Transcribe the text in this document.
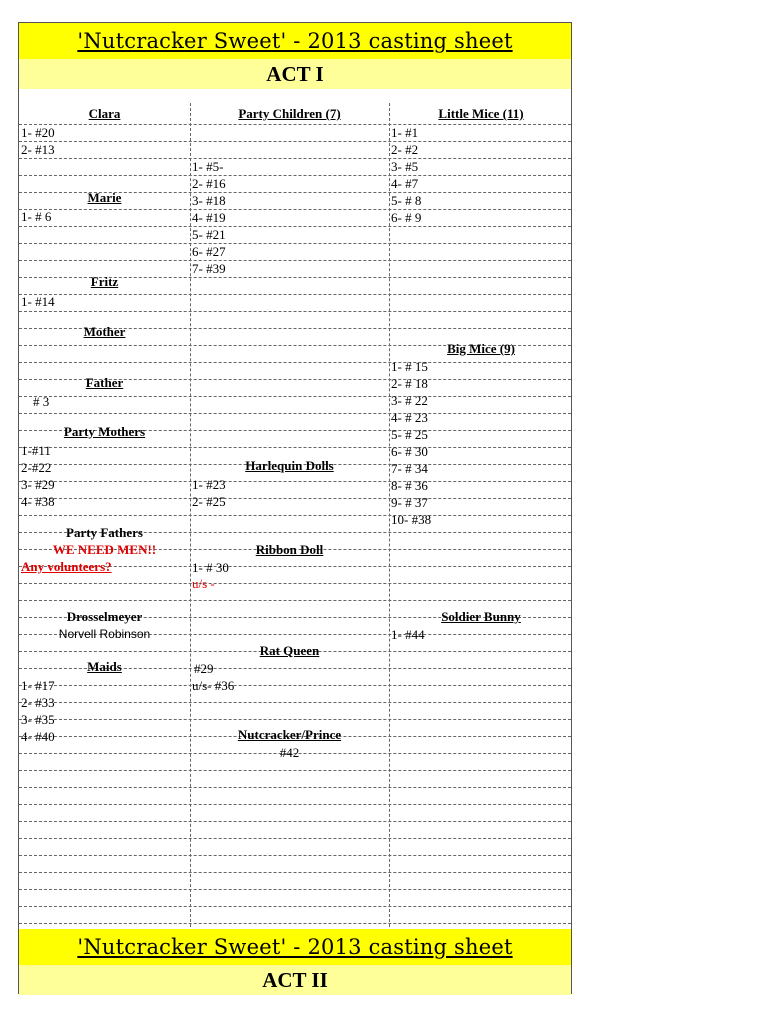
'Nutcracker Sweet' - 2013 casting sheet
ACT I
Clara
1- #20
2- #13
Marie
1- # 6
Fritz
1- #14
Mother
Father
# 3
Party Mothers
1-#11
2-#22
3- #29
4- #38
Party Fathers
WE NEED MEN!!
Any volunteers?
Drosselmeyer
Norvell Robinson
Maids
1- #17
2- #33
3- #35
4- #40
Party Children (7)
1- #5-
2- #16
3- #18
4- #19
5- #21
6- #27
7- #39
Harlequin Dolls
1- #23
2- #25
Ribbon Doll
1- # 30
u/s -
Rat Queen
#29
u/s- #36
Nutcracker/Prince
#42
Little Mice (11)
1- #1
2- #2
3- #5
4- #7
5- # 8
6- # 9
Big Mice (9)
1- # 15
2- # 18
3- # 22
4- # 23
5- # 25
6- # 30
7- # 34
8- # 36
9- # 37
10- #38
Soldier Bunny
1- #44
'Nutcracker Sweet' - 2013 casting sheet
ACT II
